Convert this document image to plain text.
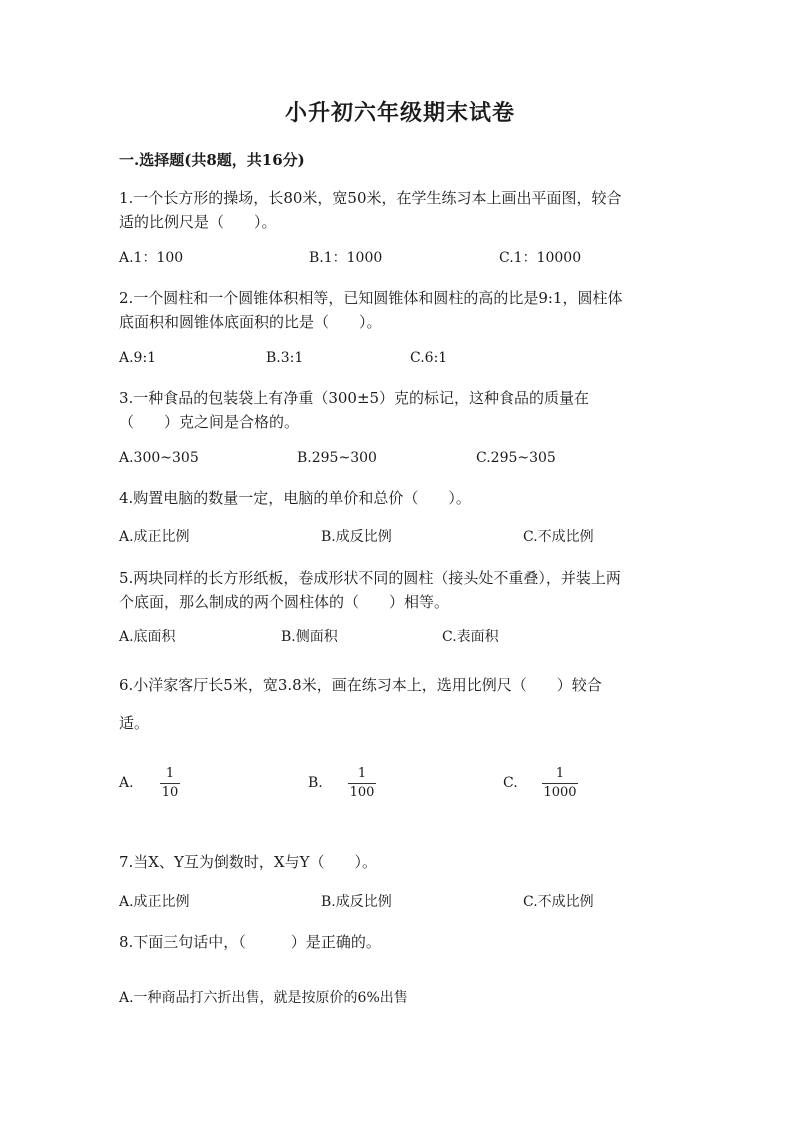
小升初六年级期末试卷
一.选择题(共8题，共16分)
1.一个长方形的操场，长80米，宽50米，在学生练习本上画出平面图，较合
适的比例尺是（　　）。
A.1：100	B.1：1000	C.1：10000
2.一个圆柱和一个圆锥体积相等，已知圆锥体和圆柱的高的比是9:1，圆柱体
底面积和圆锥体底面积的比是（　　）。
A.9:1	B.3:1	C.6:1
3.一种食品的包装袋上有净重（300±5）克的标记，这种食品的质量在
（　　）克之间是合格的。
A.300~305	B.295~300	C.295~305
4.购置电脑的数量一定，电脑的单价和总价（　　）。
A.成正比例	B.成反比例	C.不成比例
5.两块同样的长方形纸板，卷成形状不同的圆柱（接头处不重叠），并装上两
个底面，那么制成的两个圆柱体的（　　）相等。
A.底面积	B.侧面积	C.表面积
6.小洋家客厅长5米，宽3.8米，画在练习本上，选用比例尺（　　）较合
适。
A.
1
10
B.
1
100
C.
1
1000
7.当X、Y互为倒数时，X与Y（　　）。
A.成正比例	B.成反比例	C.不成比例
8.下面三句话中，（　　　）是正确的。
A.一种商品打六折出售，就是按原价的6%出售
